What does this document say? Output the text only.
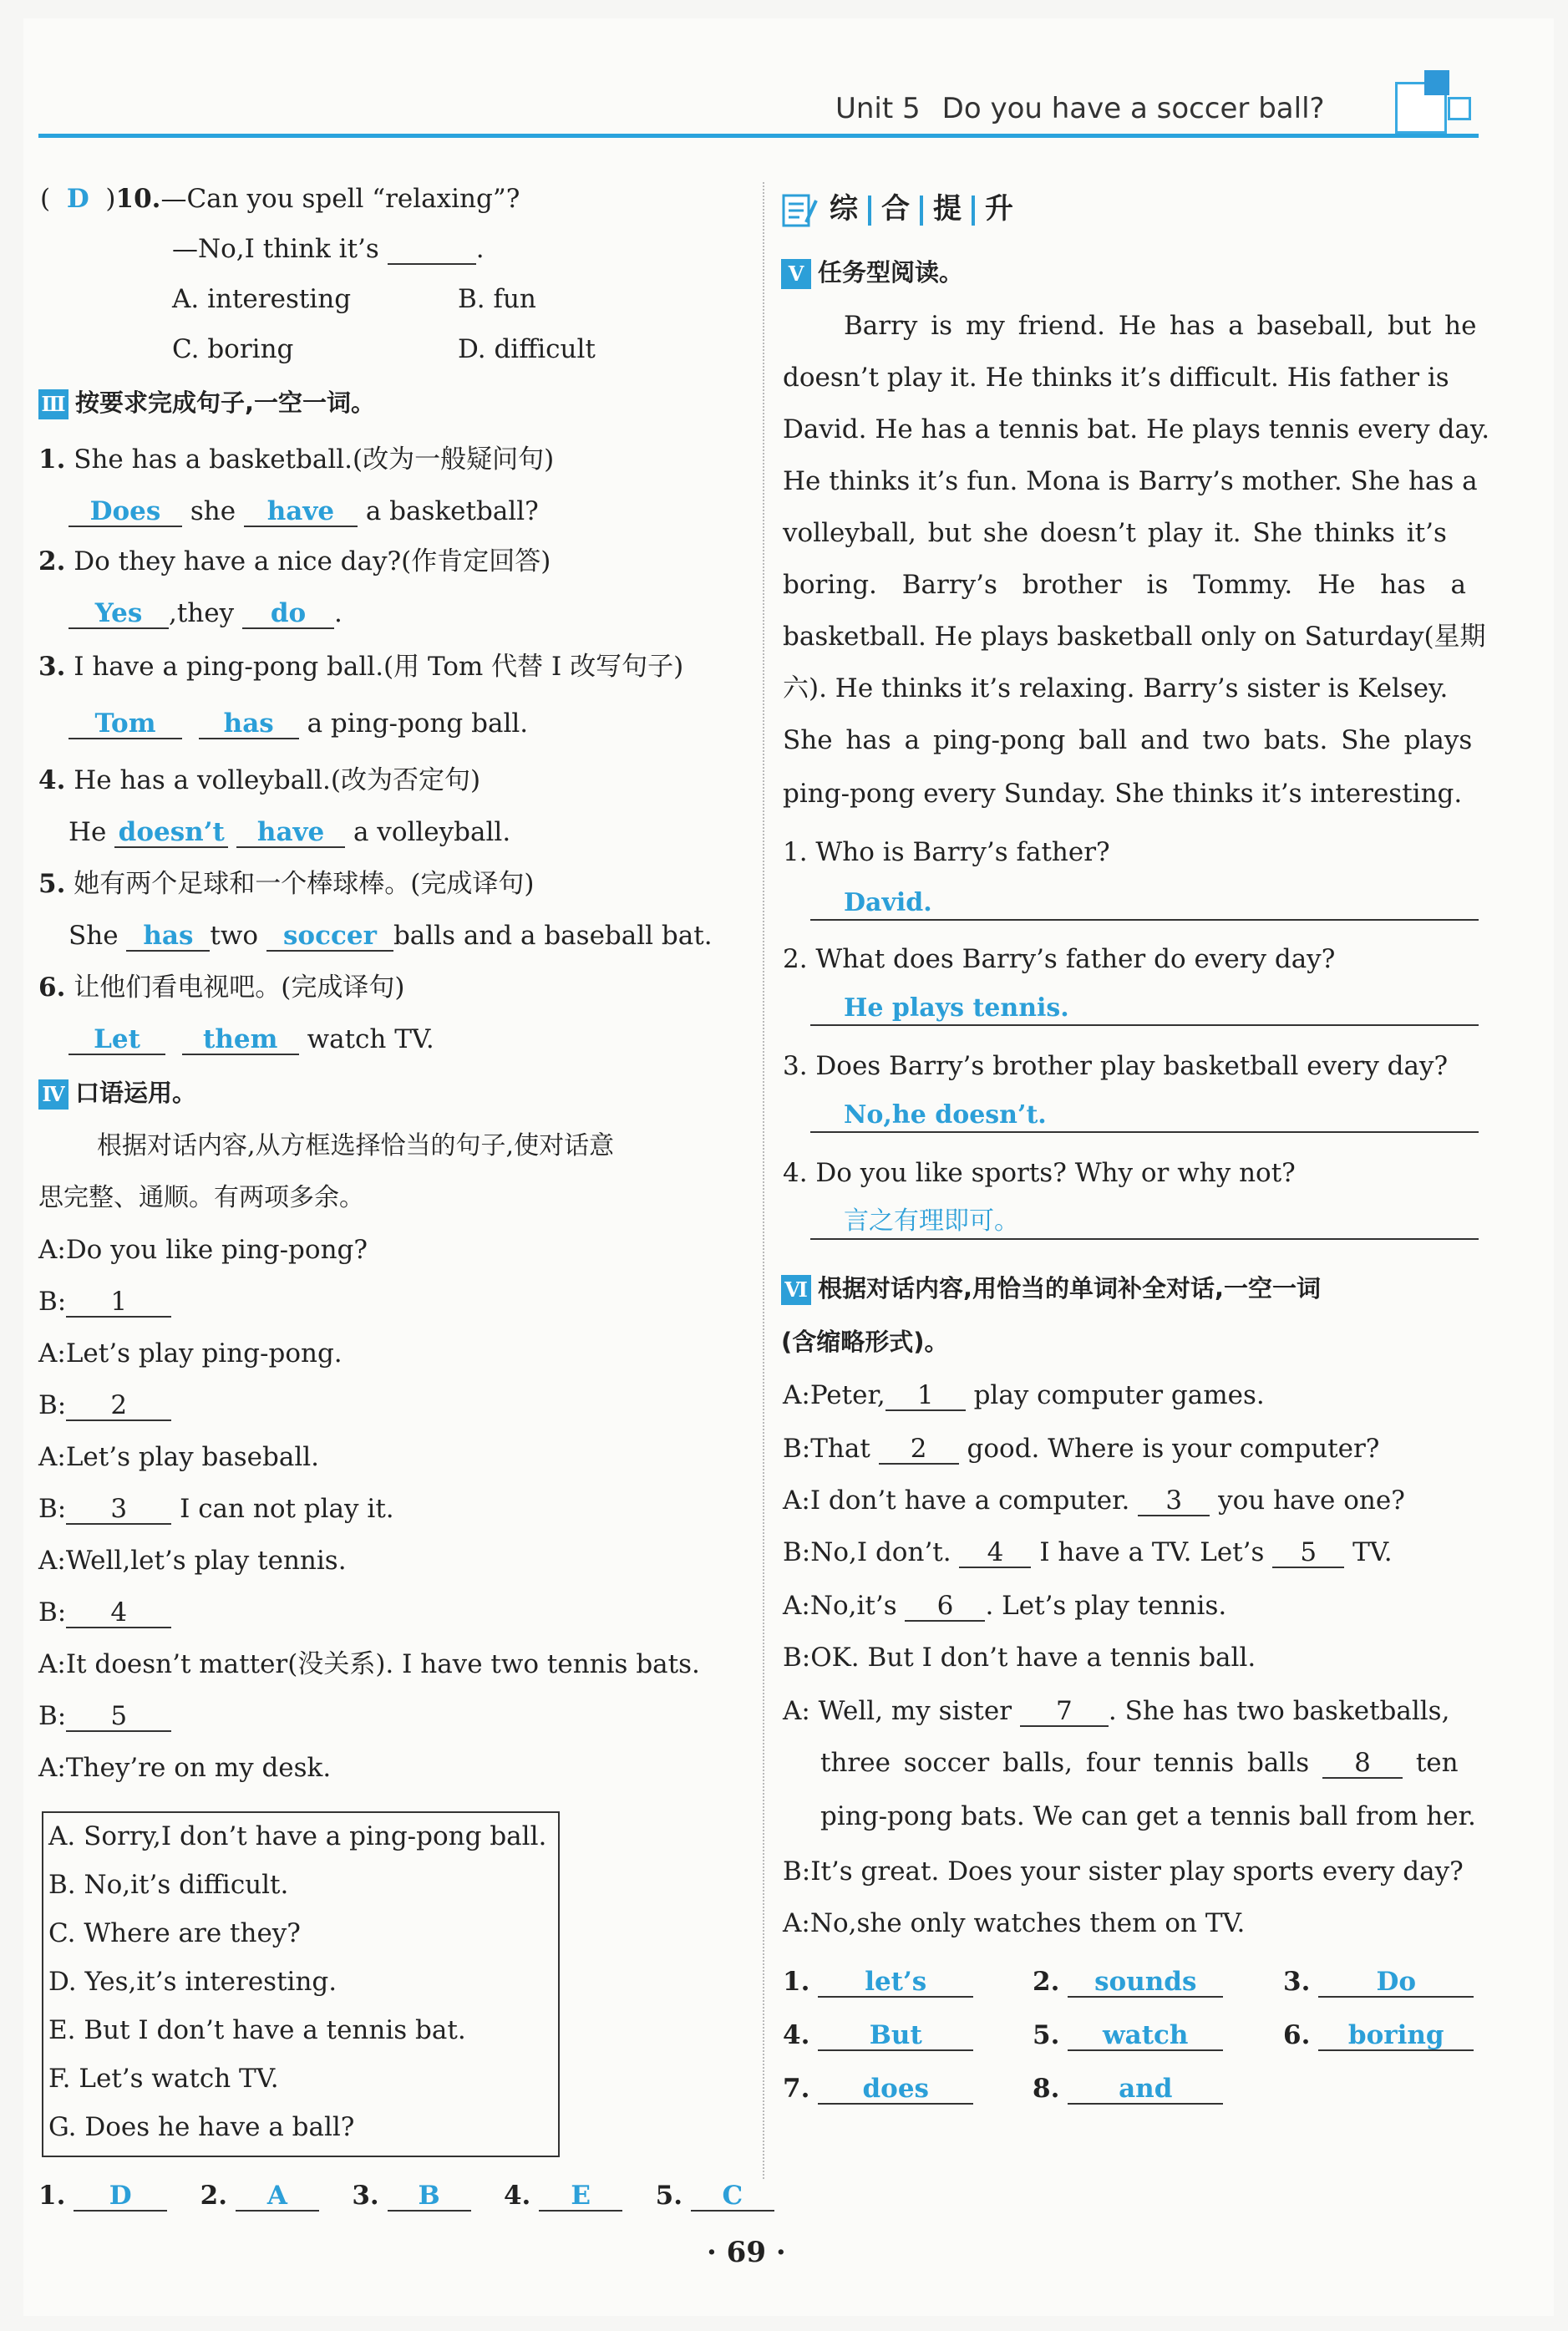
Unit 5 Do you have a soccer ball?
(  D  )10.—Can you spell “relaxing”?
—No,I think it’s	.
A. interesting	B. fun
C. boring	D. difficult
Ⅲ 按要求完成句子,一空一词。
1. She has a basketball.(改为一般疑问句)
Does she have a basketball?
2. Do they have a nice day?(作肯定回答)
Yes ,they do .
3. I have a ping-pong ball.(用 Tom 代替 I 改写句子)
Tom	has a ping-pong ball.
4. He has a volleyball.(改为否定句)
He doesn’t have a volleyball.
5. 她有两个足球和一个棒球棒。(完成译句)
She has two soccer balls and a baseball bat.
6. 让他们看电视吧。(完成译句)
Let them watch TV.
Ⅳ 口语运用。
根据对话内容,从方框选择恰当的句子,使对话意
思完整、通顺。有两项多余。
A:Do you like ping-pong?
B: 1
A:Let’s play ping-pong.
B: 2
A:Let’s play baseball.
B: 3 I can not play it.
A:Well,let’s play tennis.
B: 4
A:It doesn’t matter(没关系). I have two tennis bats.
B: 5
A:They’re on my desk.
A. Sorry,I don’t have a ping-pong ball.
B. No,it’s difficult.
C. Where are they?
D. Yes,it’s interesting.
E. But I don’t have a tennis bat.
F. Let’s watch TV.
G. Does he have a ball?
1. D	2. A 3. B 4. E	5. C
综 合 提 升
Ⅴ 任务型阅读。
Barry is my friend. He has a baseball, but he
doesn’t play it. He thinks it’s difficult. His father is
David. He has a tennis bat. He plays tennis every day.
He thinks it’s fun. Mona is Barry’s mother. She has a
volleyball, but she doesn’t play it. She thinks it’s
boring. Barry’s brother is Tommy. He has a
basketball. He plays basketball only on Saturday(星期
六). He thinks it’s relaxing. Barry’s sister is Kelsey.
She has a ping-pong ball and two bats. She plays
ping-pong every Sunday. She thinks it’s interesting.
1. Who is Barry’s father?
David.
2. What does Barry’s father do every day?
He plays tennis.
3. Does Barry’s brother play basketball every day?
No,he doesn’t.
4. Do you like sports? Why or why not?
言之有理即可。
Ⅵ 根据对话内容,用恰当的单词补全对话,一空一词
(含缩略形式)。
A:Peter, 1 play computer games.
B:That 2 good. Where is your computer?
A:I don’t have a computer. 3 you have one?
B:No,I don’t. 4 I have a TV. Let’s 5 TV.
A:No,it’s 6 . Let’s play tennis.
B:OK. But I don’t have a tennis ball.
A: Well, my sister 7 . She has two basketballs,
three soccer balls, four tennis balls 8 ten
ping-pong bats. We can get a tennis ball from her.
B:It’s great. Does your sister play sports every day?
A:No,she only watches them on TV.
1. let’s	2. sounds	3.	Do
4. But	5. watch	6. boring
7. does	8. and
· 69 ·
